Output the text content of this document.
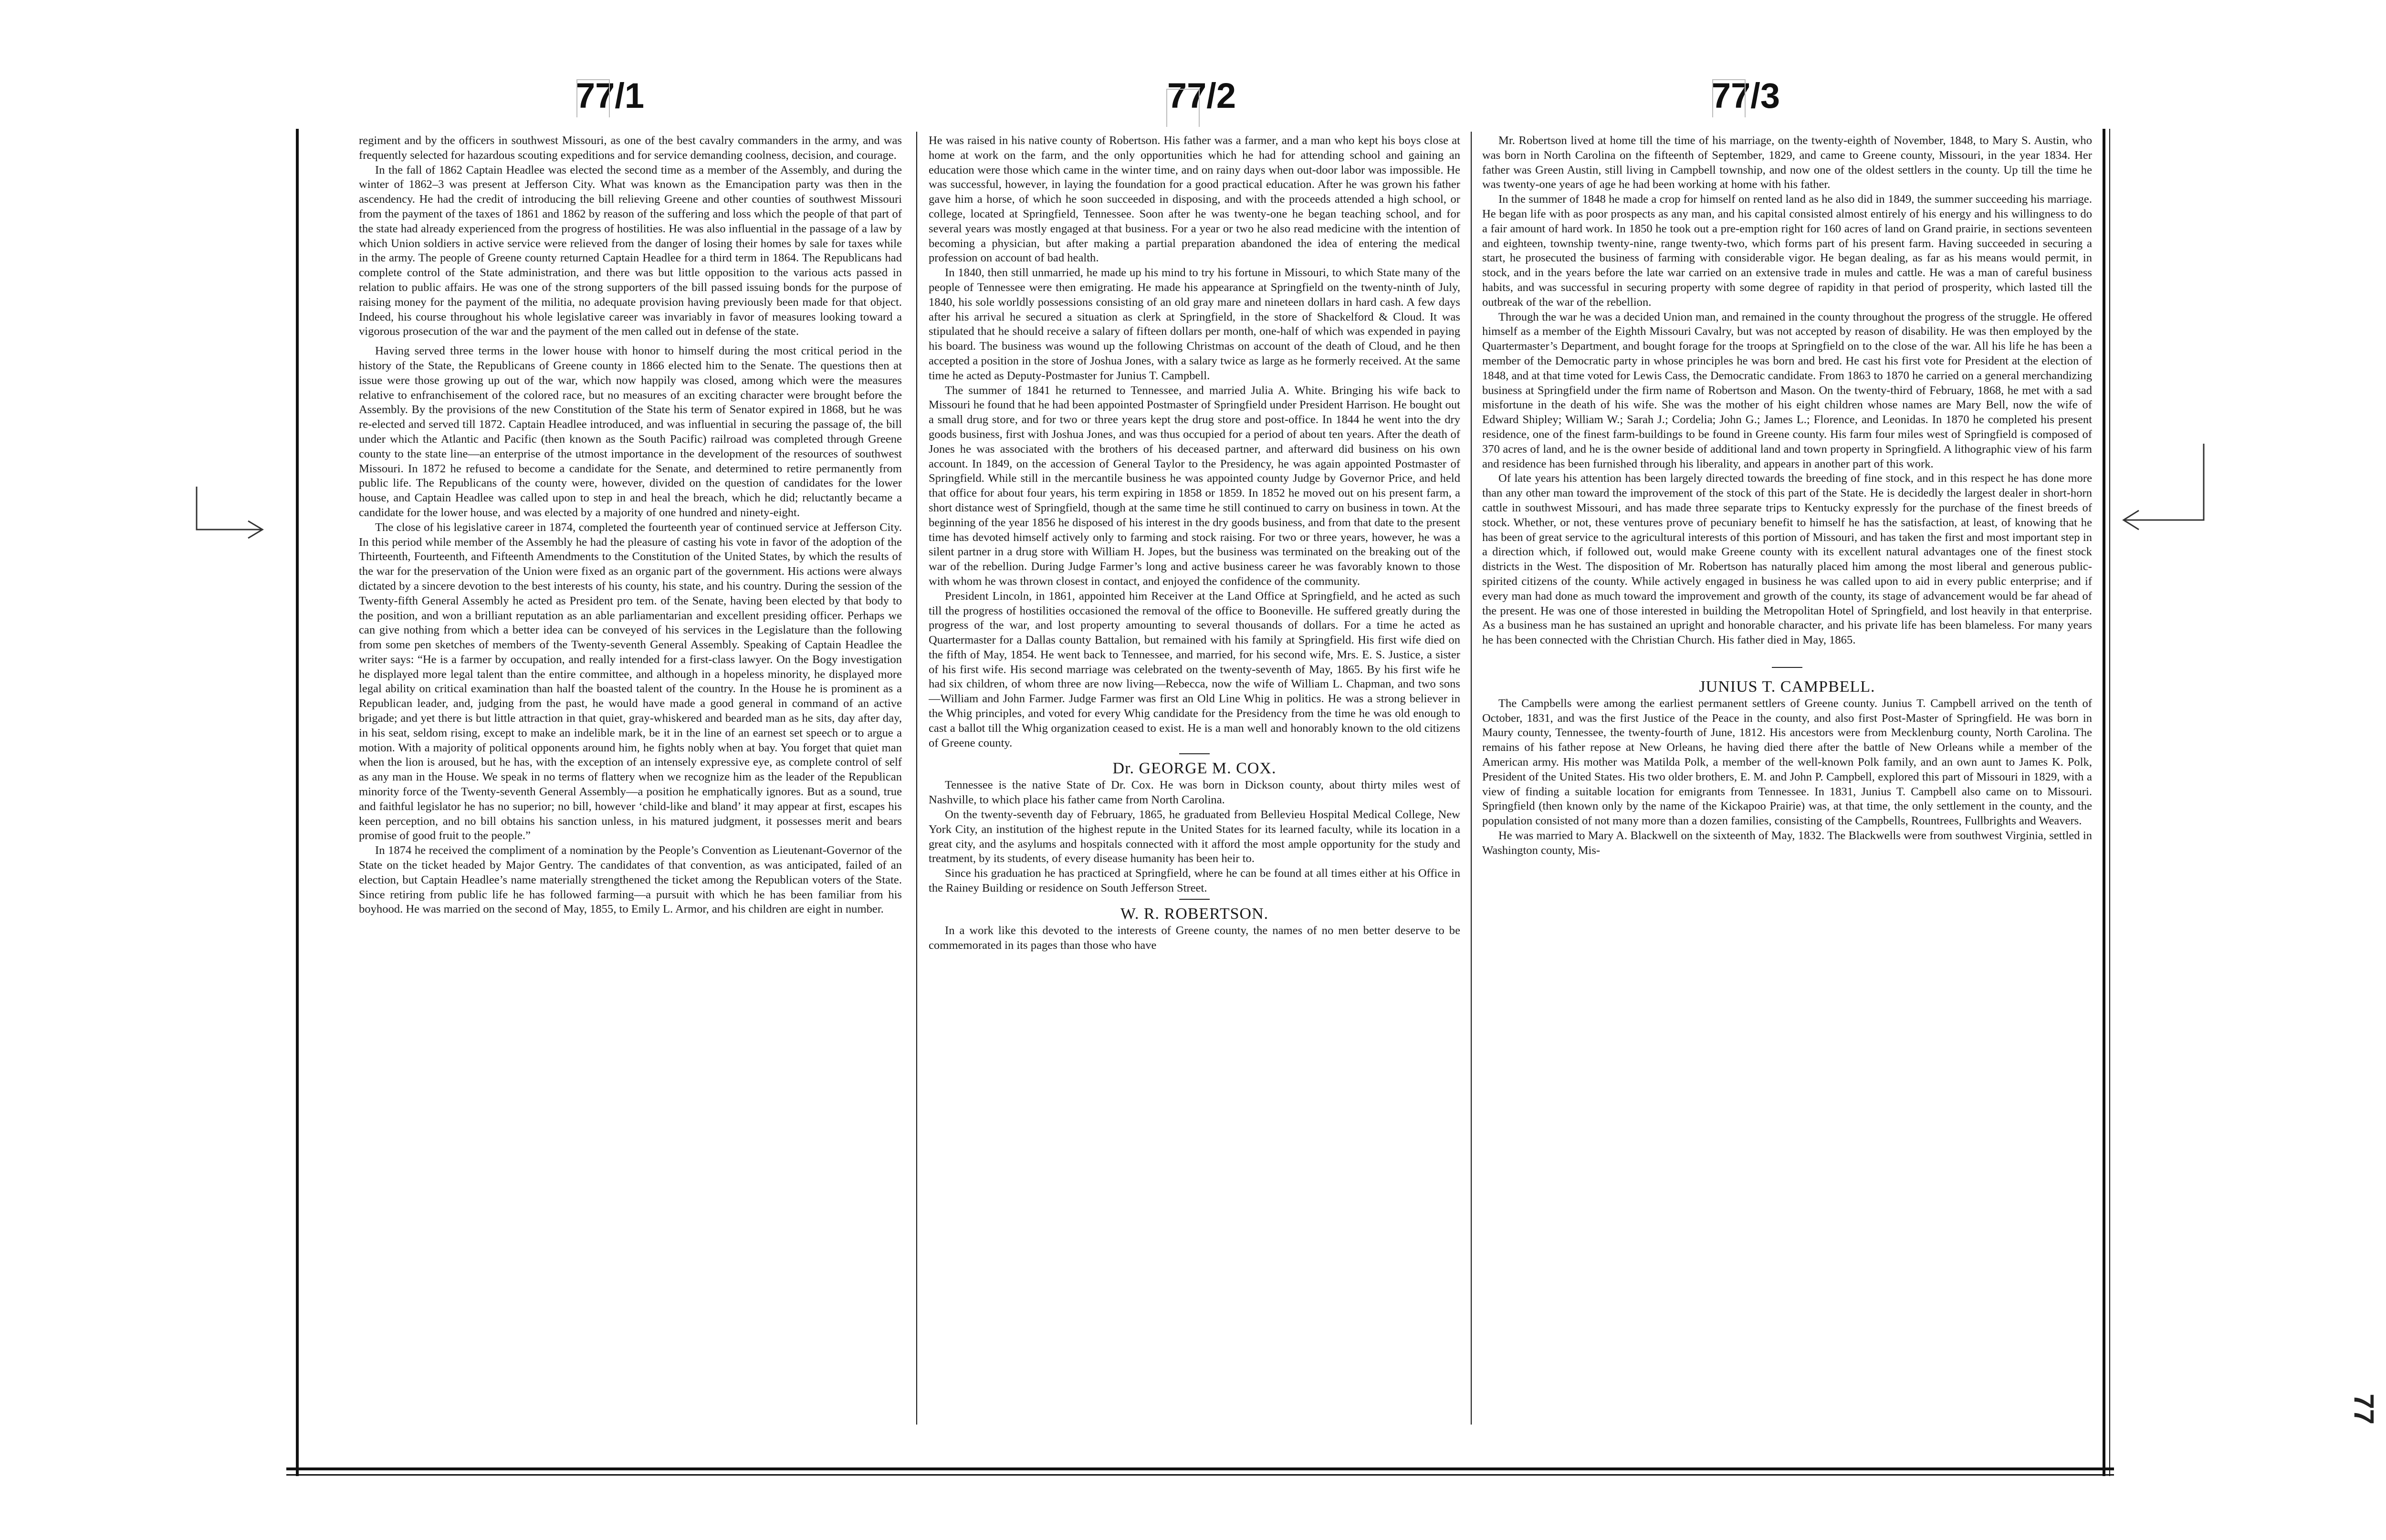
77/1	77/2	77/3

regiment and by the officers in southwest Missouri, as one of the best cavalry commanders in the army, and was frequently selected for hazardous scouting expeditions and for service demanding coolness, decision, and courage.

In the fall of 1862 Captain Headlee was elected the second time as a member of the Assembly, and during the winter of 1862–3 was present at Jefferson City. What was known as the Emancipation party was then in the ascendency. He had the credit of introducing the bill relieving Greene and other counties of southwest Missouri from the payment of the taxes of 1861 and 1862 by reason of the suffering and loss which the people of that part of the state had already experienced from the progress of hostilities. He was also influential in the passage of a law by which Union soldiers in active service were relieved from the danger of losing their homes by sale for taxes while in the army. The people of Greene county returned Captain Headlee for a third term in 1864. The Republicans had complete control of the State administration, and there was but little opposition to the various acts passed in relation to public affairs. He was one of the strong supporters of the bill passed issuing bonds for the purpose of raising money for the payment of the militia, no adequate provision having previously been made for that object. Indeed, his course throughout his whole legislative career was invariably in favor of measures looking toward a vigorous prosecution of the war and the payment of the men called out in defense of the state.

Having served three terms in the lower house with honor to himself during the most critical period in the history of the State, the Republicans of Greene county in 1866 elected him to the Senate. The questions then at issue were those growing up out of the war, which now happily was closed, among which were the measures relative to enfranchisement of the colored race, but no measures of an exciting character were brought before the Assembly. By the provisions of the new Constitution of the State his term of Senator expired in 1868, but he was re-elected and served till 1872. Captain Headlee introduced, and was influential in securing the passage of, the bill under which the Atlantic and Pacific (then known as the South Pacific) railroad was completed through Greene county to the state line—an enterprise of the utmost importance in the development of the resources of southwest Missouri. In 1872 he refused to become a candidate for the Senate, and determined to retire permanently from public life. The Republicans of the county were, however, divided on the question of candidates for the lower house, and Captain Headlee was called upon to step in and heal the breach, which he did; reluctantly became a candidate for the lower house, and was elected by a majority of one hundred and ninety-eight.

The close of his legislative career in 1874, completed the fourteenth year of continued service at Jefferson City. In this period while member of the Assembly he had the pleasure of casting his vote in favor of the adoption of the Thirteenth, Fourteenth, and Fifteenth Amendments to the Constitution of the United States, by which the results of the war for the preservation of the Union were fixed as an organic part of the government. His actions were always dictated by a sincere devotion to the best interests of his county, his state, and his country. During the session of the Twenty-fifth General Assembly he acted as President pro tem. of the Senate, having been elected by that body to the position, and won a brilliant reputation as an able parliamentarian and excellent presiding officer. Perhaps we can give nothing from which a better idea can be conveyed of his services in the Legislature than the following from some pen sketches of members of the Twenty-seventh General Assembly. Speaking of Captain Headlee the writer says: “He is a farmer by occupation, and really intended for a first-class lawyer. On the Bogy investigation he displayed more legal talent than the entire committee, and although in a hopeless minority, he displayed more legal ability on critical examination than half the boasted talent of the country. In the House he is prominent as a Republican leader, and, judging from the past, he would have made a good general in command of an active brigade; and yet there is but little attraction in that quiet, gray-whiskered and bearded man as he sits, day after day, in his seat, seldom rising, except to make an indelible mark, be it in the line of an earnest set speech or to argue a motion. With a majority of political opponents around him, he fights nobly when at bay. You forget that quiet man when the lion is aroused, but he has, with the exception of an intensely expressive eye, as complete control of self as any man in the House. We speak in no terms of flattery when we recognize him as the leader of the Republican minority force of the Twenty-seventh General Assembly—a position he emphatically ignores. But as a sound, true and faithful legislator he has no superior; no bill, however ‘child-like and bland’ it may appear at first, escapes his keen perception, and no bill obtains his sanction unless, in his matured judgment, it possesses merit and bears promise of good fruit to the people.”

In 1874 he received the compliment of a nomination by the People’s Convention as Lieutenant-Governor of the State on the ticket headed by Major Gentry. The candidates of that convention, as was anticipated, failed of an election, but Captain Headlee’s name materially strengthened the ticket among the Republican voters of the State. Since retiring from public life he has followed farming—a pursuit with which he has been familiar from his boyhood. He was married on the second of May, 1855, to Emily L. Armor, and his children are eight in number.

He was raised in his native county of Robertson. His father was a farmer, and a man who kept his boys close at home at work on the farm, and the only opportunities which he had for attending school and gaining an education were those which came in the winter time, and on rainy days when out-door labor was impossible. He was successful, however, in laying the foundation for a good practical education. After he was grown his father gave him a horse, of which he soon succeeded in disposing, and with the proceeds attended a high school, or college, located at Springfield, Tennessee. Soon after he was twenty-one he began teaching school, and for several years was mostly engaged at that business. For a year or two he also read medicine with the intention of becoming a physician, but after making a partial preparation abandoned the idea of entering the medical profession on account of bad health.

In 1840, then still unmarried, he made up his mind to try his fortune in Missouri, to which State many of the people of Tennessee were then emigrating. He made his appearance at Springfield on the twenty-ninth of July, 1840, his sole worldly possessions consisting of an old gray mare and nineteen dollars in hard cash. A few days after his arrival he secured a situation as clerk at Springfield, in the store of Shackelford & Cloud. It was stipulated that he should receive a salary of fifteen dollars per month, one-half of which was expended in paying his board. The business was wound up the following Christmas on account of the death of Cloud, and he then accepted a position in the store of Joshua Jones, with a salary twice as large as he formerly received. At the same time he acted as Deputy-Postmaster for Junius T. Campbell.

The summer of 1841 he returned to Tennessee, and married Julia A. White. Bringing his wife back to Missouri he found that he had been appointed Postmaster of Springfield under President Harrison. He bought out a small drug store, and for two or three years kept the drug store and post-office. In 1844 he went into the dry goods business, first with Joshua Jones, and was thus occupied for a period of about ten years. After the death of Jones he was associated with the brothers of his deceased partner, and afterward did business on his own account. In 1849, on the accession of General Taylor to the Presidency, he was again appointed Postmaster of Springfield. While still in the mercantile business he was appointed county Judge by Governor Price, and held that office for about four years, his term expiring in 1858 or 1859. In 1852 he moved out on his present farm, a short distance west of Springfield, though at the same time he still continued to carry on business in town. At the beginning of the year 1856 he disposed of his interest in the dry goods business, and from that date to the present time has devoted himself actively only to farming and stock raising. For two or three years, however, he was a silent partner in a drug store with William H. Jopes, but the business was terminated on the breaking out of the war of the rebellion. During Judge Farmer’s long and active business career he was favorably known to those with whom he was thrown closest in contact, and enjoyed the confidence of the community.

President Lincoln, in 1861, appointed him Receiver at the Land Office at Springfield, and he acted as such till the progress of hostilities occasioned the removal of the office to Booneville. He suffered greatly during the progress of the war, and lost property amounting to several thousands of dollars. For a time he acted as Quartermaster for a Dallas county Battalion, but remained with his family at Springfield. His first wife died on the fifth of May, 1854. He went back to Tennessee, and married, for his second wife, Mrs. E. S. Justice, a sister of his first wife. His second marriage was celebrated on the twenty-seventh of May, 1865. By his first wife he had six children, of whom three are now living—Rebecca, now the wife of William L. Chapman, and two sons—William and John Farmer. Judge Farmer was first an Old Line Whig in politics. He was a strong believer in the Whig principles, and voted for every Whig candidate for the Presidency from the time he was old enough to cast a ballot till the Whig organization ceased to exist. He is a man well and honorably known to the old citizens of Greene county.

Dr. GEORGE M. COX.

Tennessee is the native State of Dr. Cox. He was born in Dickson county, about thirty miles west of Nashville, to which place his father came from North Carolina.

On the twenty-seventh day of February, 1865, he graduated from Bellevieu Hospital Medical College, New York City, an institution of the highest repute in the United States for its learned faculty, while its location in a great city, and the asylums and hospitals connected with it afford the most ample opportunity for the study and treatment, by its students, of every disease humanity has been heir to.

Since his graduation he has practiced at Springfield, where he can be found at all times either at his Office in the Rainey Building or residence on South Jefferson Street.

W. R. ROBERTSON.

In a work like this devoted to the interests of Greene county, the names of no men better deserve to be commemorated in its pages than those who have

Mr. Robertson lived at home till the time of his marriage, on the twenty-eighth of November, 1848, to Mary S. Austin, who was born in North Carolina on the fifteenth of September, 1829, and came to Greene county, Missouri, in the year 1834. Her father was Green Austin, still living in Campbell township, and now one of the oldest settlers in the county. Up till the time he was twenty-one years of age he had been working at home with his father.

In the summer of 1848 he made a crop for himself on rented land as he also did in 1849, the summer succeeding his marriage. He began life with as poor prospects as any man, and his capital consisted almost entirely of his energy and his willingness to do a fair amount of hard work. In 1850 he took out a pre-emption right for 160 acres of land on Grand prairie, in sections seventeen and eighteen, township twenty-nine, range twenty-two, which forms part of his present farm. Having succeeded in securing a start, he prosecuted the business of farming with considerable vigor. He began dealing, as far as his means would permit, in stock, and in the years before the late war carried on an extensive trade in mules and cattle. He was a man of careful business habits, and was successful in securing property with some degree of rapidity in that period of prosperity, which lasted till the outbreak of the war of the rebellion.

Through the war he was a decided Union man, and remained in the county throughout the progress of the struggle. He offered himself as a member of the Eighth Missouri Cavalry, but was not accepted by reason of disability. He was then employed by the Quartermaster’s Department, and bought forage for the troops at Springfield on to the close of the war. All his life he has been a member of the Democratic party in whose principles he was born and bred. He cast his first vote for President at the election of 1848, and at that time voted for Lewis Cass, the Democratic candidate. From 1863 to 1870 he carried on a general merchandizing business at Springfield under the firm name of Robertson and Mason. On the twenty-third of February, 1868, he met with a sad misfortune in the death of his wife. She was the mother of his eight children whose names are Mary Bell, now the wife of Edward Shipley; William W.; Sarah J.; Cordelia; John G.; James L.; Florence, and Leonidas. In 1870 he completed his present residence, one of the finest farm-buildings to be found in Greene county. His farm four miles west of Springfield is composed of 370 acres of land, and he is the owner beside of additional land and town property in Springfield. A lithographic view of his farm and residence has been furnished through his liberality, and appears in another part of this work.

Of late years his attention has been largely directed towards the breeding of fine stock, and in this respect he has done more than any other man toward the improvement of the stock of this part of the State. He is decidedly the largest dealer in short-horn cattle in southwest Missouri, and has made three separate trips to Kentucky expressly for the purchase of the finest breeds of stock. Whether, or not, these ventures prove of pecuniary benefit to himself he has the satisfaction, at least, of knowing that he has been of great service to the agricultural interests of this portion of Missouri, and has taken the first and most important step in a direction which, if followed out, would make Greene county with its excellent natural advantages one of the finest stock districts in the West. The disposition of Mr. Robertson has naturally placed him among the most liberal and generous public-spirited citizens of the county. While actively engaged in business he was called upon to aid in every public enterprise; and if every man had done as much toward the improvement and growth of the county, its stage of advancement would be far ahead of the present. He was one of those interested in building the Metropolitan Hotel of Springfield, and lost heavily in that enterprise. As a business man he has sustained an upright and honorable character, and his private life has been blameless. For many years he has been connected with the Christian Church. His father died in May, 1865.

JUNIUS T. CAMPBELL.

The Campbells were among the earliest permanent settlers of Greene county. Junius T. Campbell arrived on the tenth of October, 1831, and was the first Justice of the Peace in the county, and also first Post-Master of Springfield. He was born in Maury county, Tennessee, the twenty-fourth of June, 1812. His ancestors were from Mecklenburg county, North Carolina. The remains of his father repose at New Orleans, he having died there after the battle of New Orleans while a member of the American army. His mother was Matilda Polk, a member of the well-known Polk family, and an own aunt to James K. Polk, President of the United States. His two older brothers, E. M. and John P. Campbell, explored this part of Missouri in 1829, with a view of finding a suitable location for emigrants from Tennessee. In 1831, Junius T. Campbell also came on to Missouri. Springfield (then known only by the name of the Kickapoo Prairie) was, at that time, the only settlement in the county, and the population consisted of not many more than a dozen families, consisting of the Campbells, Rountrees, Fullbrights and Weavers.

He was married to Mary A. Blackwell on the sixteenth of May, 1832. The Blackwells were from southwest Virginia, settled in Washington county, Mis-

77
